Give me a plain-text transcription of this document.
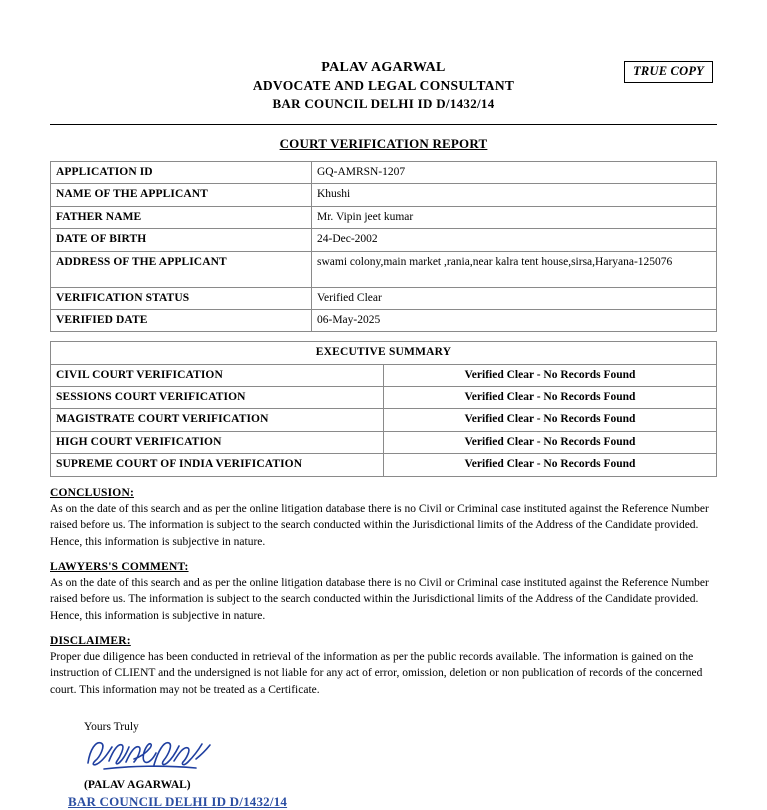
TRUE COPY
PALAV AGARWAL
ADVOCATE AND LEGAL CONSULTANT
BAR COUNCIL DELHI ID D/1432/14
COURT VERIFICATION REPORT
APPLICATION ID	GQ-AMRSN-1207
NAME OF THE APPLICANT	Khushi
FATHER NAME	Mr. Vipin jeet kumar
DATE OF BIRTH	24-Dec-2002
ADDRESS OF THE APPLICANT	swami colony,main market ,rania,near kalra tent house,sirsa,Haryana-125076
VERIFICATION STATUS	Verified Clear
VERIFIED DATE	06-May-2025
EXECUTIVE SUMMARY	
CIVIL COURT VERIFICATION	Verified Clear - No Records Found
SESSIONS COURT VERIFICATION	Verified Clear - No Records Found
MAGISTRATE COURT VERIFICATION	Verified Clear - No Records Found
HIGH COURT VERIFICATION	Verified Clear - No Records Found
SUPREME COURT OF INDIA VERIFICATION	Verified Clear - No Records Found
CONCLUSION:
As on the date of this search and as per the online litigation database there is no Civil or Criminal case instituted against the Reference Number raised before us. The information is subject to the search conducted within the Jurisdictional limits of the Address of the Candidate provided. Hence, this information is subjective in nature.
LAWYERS'S COMMENT:
As on the date of this search and as per the online litigation database there is no Civil or Criminal case instituted against the Reference Number raised before us. The information is subject to the search conducted within the Jurisdictional limits of the Address of the Candidate provided. Hence, this information is subjective in nature.
DISCLAIMER:
Proper due diligence has been conducted in retrieval of the information as per the public records available. The information is gained on the instruction of CLIENT and the undersigned is not liable for any act of error, omission, deletion or non publication of records of the concerned court. This information may not be treated as a Certificate.
Yours Truly
(PALAV AGARWAL)
BAR COUNCIL DELHI ID D/1432/14
